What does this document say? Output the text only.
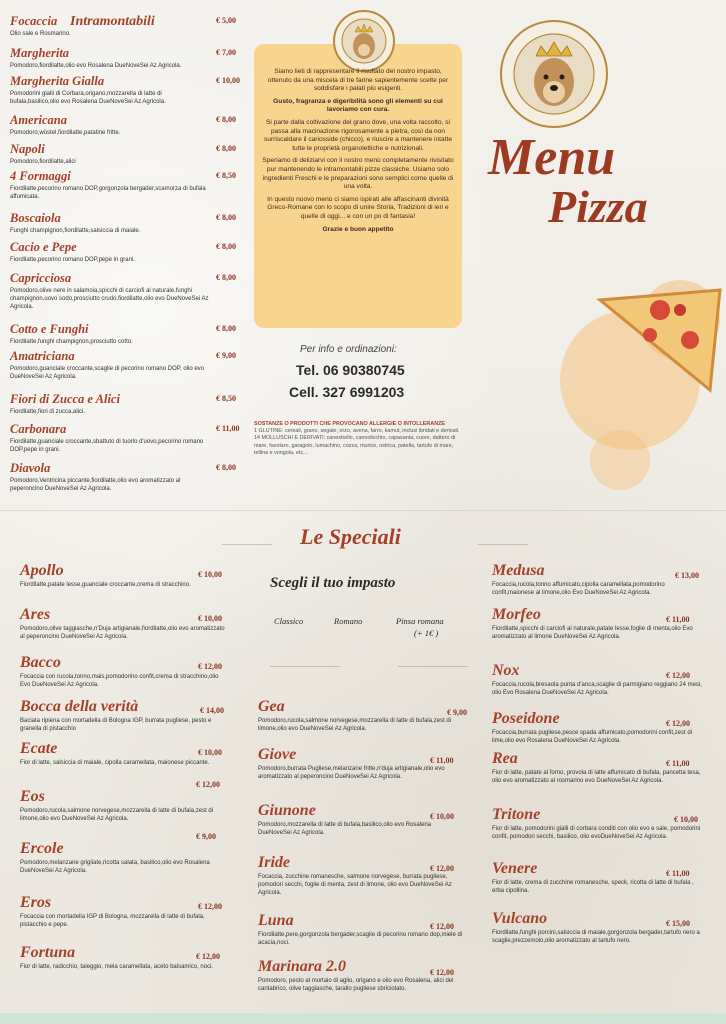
Intramontabili
Focaccia	€ 5,00
Olio sale e Rosmarino.
Margherita	€ 7,00
Pomodoro,fiordilatte,olio evo Rosalena DueNoveSei Az Agricola.
Margherita Gialla	€ 10,00
Pomodorini gialli di Corbara,origano,mozzarella di latte di bufala,basilico,olio evo Rosalena DueNoveSei Az Agricola.
Americana	€ 8,00
Pomodoro,wüstel,fiordilatte,patatine fritte.
Napoli	€ 8,00
Pomodoro,fiordilatte,alici
4 Formaggi	€ 8,50
Fiordilatte,pecorino romano DOP,gorgonzola bergader,scamorza di bufala affumicata.
Boscaiola	€ 8,00
Funghi champignon,fiordilatte,salsiccia di maiale.
Cacio e Pepe	€ 8,00
Fiordilatte,pecorino romano DOP,pepe in grani.
Capricciosa	€ 8,00
Pomodoro,olive nere in salamoia,spicchi di carciofi al naturale,funghi champignon,uovo sodo,prosciutto crudo,fiordilatte,olio evo DueNoveSei Az Agricola.
Cotto e Funghi	€ 8,00
Fiordilatte,funghi champignon,prosciutto cotto.
Amatriciana	€ 9,00
Pomodoro,guanciale croccante,scaglie di pecorino romano DOP, olio evo DueNoveSei Az Agricola.
Fiori di Zucca e Alici	€ 8,50
Fiordilatte,fiori di zucca,alici.
Carbonara	€ 11,00
Fiordilatte,guanciale croccante,sbattuto di tuorlo d'uovo,pecorino romano DOP,pepe in grani.
Diavola	€ 8,00
Pomodoro,Ventricina piccante,fiordilatte,olio evo aromatizzato al peperoncino DueNoveSei Az Agricola.

Siamo lieti di rappresentare il risultato del nostro impasto, ottenuto da una miscela di tre farine sapientemente scelte per soddisfare i palati più esigenti.

Gusto, fragranza e digeribilità sono gli elementi su cui lavoriamo con cura.

Si parte dalla coltivazione del grano dove, una volta raccolto, si passa alla macinazione rigorosamente a pietra, così da non surriscaldare il cariosside (chicco), e riuscire a mantenere intatte tutte le proprietà organolettiche e nutrizionali.

Speriamo di deliziarvi con il nostro menù completamente rivisitato pur mantenendo le intramontabili pizze classiche. Usiamo solo ingredienti Freschi e le preparazioni sono semplici come quelle di una volta.

In questo nuovo menù ci siamo ispirati alle affascinanti divinità Greco-Romane con lo scopo di unire Storia, Tradizioni di ieri e quelle di oggi... e con un po di fantasia!

Grazie e buon appetito

Per info e ordinazioni:
Tel. 06 90380745
Cell. 327 6991203
SOSTANZE O PRODOTTI CHE PROVOCANO ALLERGIE O INTOLLERANZE
1 GLUTINE: cereali, grano, segale, orzo, avena, farro, kamut, inclusi ibridati e derivati.
14 MOLLUSCHI E DERIVATI: canestrello, cannolicchio, capasanta, cuore, dattero di mare, fasolaro, garagolo, lumachino, cozza, murice, ostrica, patella, tartufo di mare, tellina e vongola, etc...
Menu
Pizza
Le Speciali
Scegli il tuo impasto
Classico	Romano	Pinsa romana
(+ 1€ )
Apollo	€ 10,00
Fiordilatte,patate lesse,guanciale croccante,crema di stracchino.
Ares	€ 10,00
Pomodoro,olive taggiasche,n'Duja artigianale,fiordilatte,olio evo aromatizzato al peperoncino DueNoveSei Az Agricola.
Bacco	€ 12,00
Focaccia con rucola,tonno,mais,pomodorino confit,crema di stracchino,olio Evo DueNoveSei Az Agricola.
Bocca della verità	€ 14,00
Baciata ripiena con mortadella di Bologna IGP, burrata pugliese, pesto e granella di pistacchio
Ecate	€ 10,00
Fior di latte, salsiccia di maiale, cipolla caramellata, maionese piccante.
Eos
€ 12,00
Pomodoro,rucola,salmone norvegese,mozzarella di latte di bufala,zest di limone,olio evo DueNoveSei Az Agricola.
Ercole
€ 9,00
Pomodoro,melanzane grigliate,ricotta salata, basilico,olio evo Rosalena DueNoveSei Az Agricola.
Eros	€ 12,00
Focaccia con mortadella IGP di Bologna, mozzarella di latte di bufala, pistacchio e pepe.
Fortuna	€ 12,00
Fior di latte, radicchio, taleggio, mela caramellata, aceto balsamico, noci.
Gea	€ 9,00
Pomodoro,rucola,salmone norvegese,mozzarella di latte di bufala,zest di limone,olio evo DueNoveSei Az Agricola.
Giove	€ 11,00
Pomodoro,burrata Pugliese,melanzane fritte,n'duja artigianale,olio evo aromatizzato al peperoncino DueNoveSei Az Agricola.
Giunone	€ 10,00
Pomodoro,mozzarella di latte di bufala,basilico,olio evo Rosalena DueNoveSei Az Agricola.
Iride	€ 12,00
Focaccia, zucchine romanesche, salmone norvegese, burrata pugliese, pomodori secchi, foglie di menta, zest di limone, olio evo DueNoveSei Az Agricola.
Luna	€ 12,00
Fiordilatte,pere,gorgonzola bergader,scaglie di pecorino romano dop,miele di acacia,noci.
Marinara 2.0	€ 12,00
Pomodoro, pesto al mortaio di aglio, origano e olio evo Rosalena, alici del cantabrico, olive taggiasche, tarallo pugliese sbriciolato.
Medusa	€ 13,00
Focaccia,rucola,tonno affumicato,cipolla caramellata,pomodorino confit,maionese al limone,olio Evo DueNoveSei Az Agricola.
Morfeo	€ 11,00
Fiordilatte,spicchi di carciofi al naturale,patate lesse,foglie di menta,olio Evo aromatizzato al limone DueNoveSei Az Agricola.
Nox	€ 12,00
Focaccia,rucola,bresaola punta d'anca,scaglie di parmigiano reggiano 24 mesi, olio Evo Rosalena DueNoveSei Az Agricola.
Poseidone	€ 12,00
Focaccia,burrata pugliese,pesce spada affumicato,pomodorini confit,zest di lime,olio evo Rosalena DueNoveSei Az Agricola.
Rea	€ 11,00
Fior di latte, patate al forno, provola di latte affumicato di bufala, pancetta tesa, olio evo aromatizzato al rosmarino evo DueNoveSei Az Agricola.
Tritone	€ 10,00
Fior di latte, pomodorini gialli di corbara conditi con olio evo e sale, pomodorini confit, pomodori secchi, basilico, olio evoDueNoveSei Az Agricola.
Venere	€ 11,00
Fior di latte, crema di zucchine romanesche, speck, ricotta di latte di bufala , erba cipollina.
Vulcano	€ 15,00
Fiordilatte,funghi porcini,salsiccia di maiale,gorgonzola bergader,tartufo nero a scaglie,prezzemolo,olio aromatizzato al tartufo nero.
